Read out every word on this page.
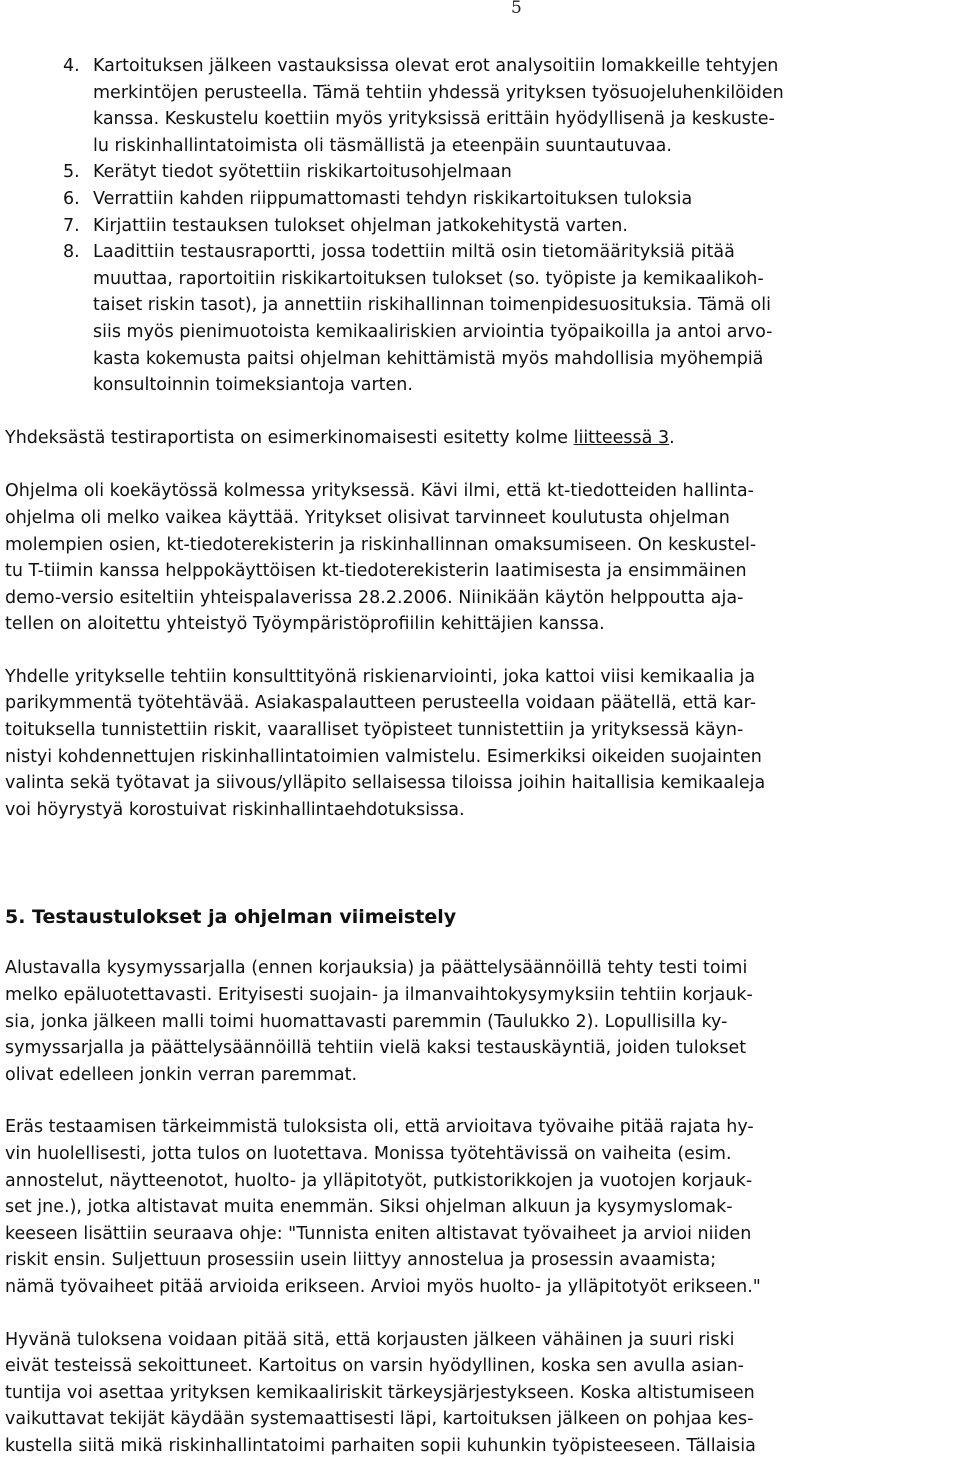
5
4. Kartoituksen jälkeen vastauksissa olevat erot analysoitiin lomakkeille tehtyjen
merkintöjen perusteella. Tämä tehtiin yhdessä yrityksen työsuojeluhenkilöiden
kanssa. Keskustelu koettiin myös yrityksissä erittäin hyödyllisenä ja keskuste-
lu riskinhallintatoimista oli täsmällistä ja eteenpäin suuntautuvaa.
5. Kerätyt tiedot syötettiin riskikartoitusohjelmaan
6. Verrattiin kahden riippumattomasti tehdyn riskikartoituksen tuloksia
7. Kirjattiin testauksen tulokset ohjelman jatkokehitystä varten.
8. Laadittiin testausraportti, jossa todettiin miltä osin tietomäärityksiä pitää
muuttaa, raportoitiin riskikartoituksen tulokset (so. työpiste ja kemikaalikoh-
taiset riskin tasot), ja annettiin riskihallinnan toimenpidesuosituksia. Tämä oli
siis myös pienimuotoista kemikaaliriskien arviointia työpaikoilla ja antoi arvo-
kasta kokemusta paitsi ohjelman kehittämistä myös mahdollisia myöhempiä
konsultoinnin toimeksiantoja varten.

Yhdeksästä testiraportista on esimerkinomaisesti esitetty kolme liitteessä 3.

Ohjelma oli koekäytössä kolmessa yrityksessä. Kävi ilmi, että kt-tiedotteiden hallinta-
ohjelma oli melko vaikea käyttää. Yritykset olisivat tarvinneet koulutusta ohjelman
molempien osien, kt-tiedoterekisterin ja riskinhallinnan omaksumiseen. On keskustel-
tu T-tiimin kanssa helppokäyttöisen kt-tiedoterekisterin laatimisesta ja ensimmäinen
demo-versio esiteltiin yhteispalaverissa 28.2.2006. Niinikään käytön helppoutta aja-
tellen on aloitettu yhteistyö Työympäristöprofiilin kehittäjien kanssa.

Yhdelle yritykselle tehtiin konsulttityönä riskienarviointi, joka kattoi viisi kemikaalia ja
parikymmentä työtehtävää. Asiakaspalautteen perusteella voidaan päätellä, että kar-
toituksella tunnistettiin riskit, vaaralliset työpisteet tunnistettiin ja yrityksessä käyn-
nistyi kohdennettujen riskinhallintatoimien valmistelu. Esimerkiksi oikeiden suojainten
valinta sekä työtavat ja siivous/ylläpito sellaisessa tiloissa joihin haitallisia kemikaaleja
voi höyrystyä korostuivat riskinhallintaehdotuksissa.

5. Testaustulokset ja ohjelman viimeistely

Alustavalla kysymyssarjalla (ennen korjauksia) ja päättelysäännöillä tehty testi toimi
melko epäluotettavasti. Erityisesti suojain- ja ilmanvaihtokysymyksiin tehtiin korjauk-
sia, jonka jälkeen malli toimi huomattavasti paremmin (Taulukko 2). Lopullisilla ky-
symyssarjalla ja päättelysäännöillä tehtiin vielä kaksi testauskäyntiä, joiden tulokset
olivat edelleen jonkin verran paremmat.

Eräs testaamisen tärkeimmistä tuloksista oli, että arvioitava työvaihe pitää rajata hy-
vin huolellisesti, jotta tulos on luotettava. Monissa työtehtävissä on vaiheita (esim.
annostelut, näytteenotot, huolto- ja ylläpitotyöt, putkistorikkojen ja vuotojen korjauk-
set jne.), jotka altistavat muita enemmän. Siksi ohjelman alkuun ja kysymyslomak-
keeseen lisättiin seuraava ohje: "Tunnista eniten altistavat työvaiheet ja arvioi niiden
riskit ensin. Suljettuun prosessiin usein liittyy annostelua ja prosessin avaamista;
nämä työvaiheet pitää arvioida erikseen. Arvioi myös huolto- ja ylläpitotyöt erikseen."

Hyvänä tuloksena voidaan pitää sitä, että korjausten jälkeen vähäinen ja suuri riski
eivät testeissä sekoittuneet. Kartoitus on varsin hyödyllinen, koska sen avulla asian-
tuntija voi asettaa yrityksen kemikaaliriskit tärkeysjärjestykseen. Koska altistumiseen
vaikuttavat tekijät käydään systemaattisesti läpi, kartoituksen jälkeen on pohjaa kes-
kustella siitä mikä riskinhallintatoimi parhaiten sopii kuhunkin työpisteeseen. Tällaisia
